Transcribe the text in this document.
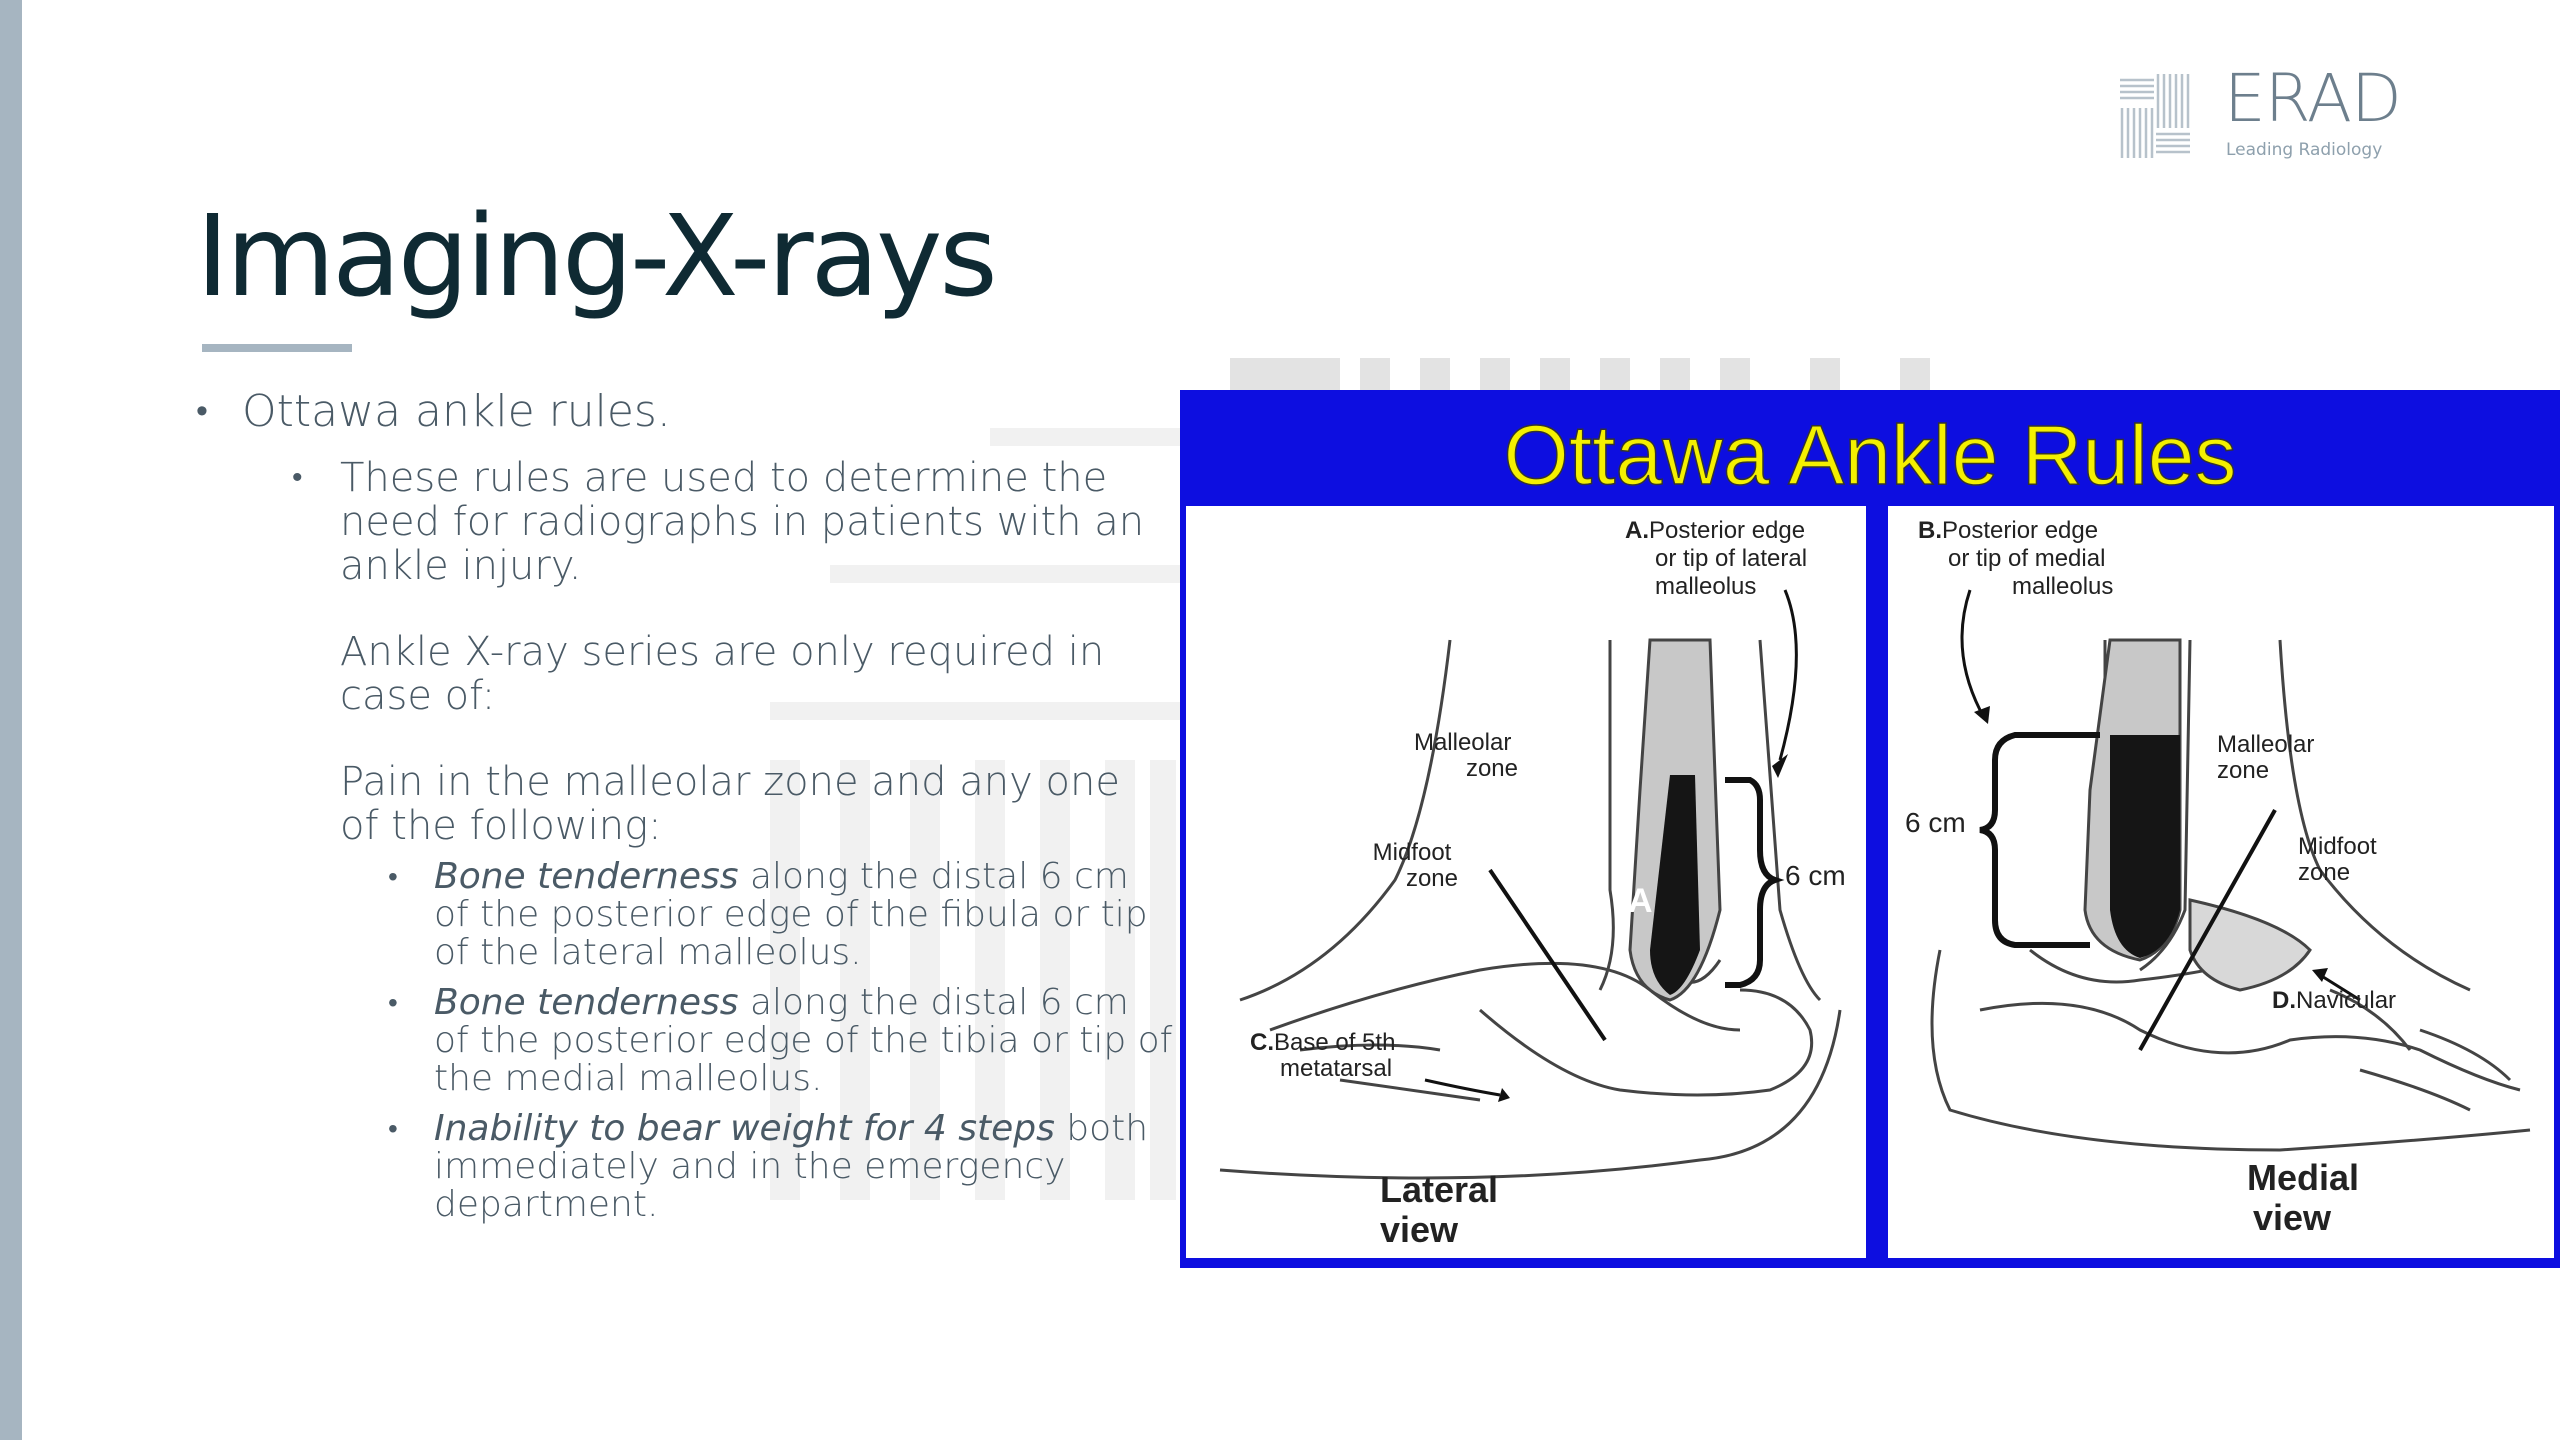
ERAD
Leading Radiology
Imaging-X-rays
• Ottawa ankle rules.
• These rules are used to determine the need for radiographs in patients with an ankle injury.

Ankle X-ray series are only required in case of:

Pain in the malleolar zone and any one of the following:

•	Bone tenderness along the distal 6 cm of the posterior edge of the fibula or tip of the lateral malleolus.
•	Bone tenderness along the distal 6 cm of the posterior edge of the tibia or tip of the medial malleolus.
•	Inability to bear weight for 4 steps both immediately and in the emergency department.
Ottawa Ankle Rules
A
6 cm
A.Posterior edge or tip of lateral malleolus
Malleolar zone
Midfoot zone
C.Base of 5th metatarsal
Lateral view
B
6 cm
B.Posterior edge or tip of medial malleolus
Malleolar zone
Midfoot zone
D.Navicular
Medial view
